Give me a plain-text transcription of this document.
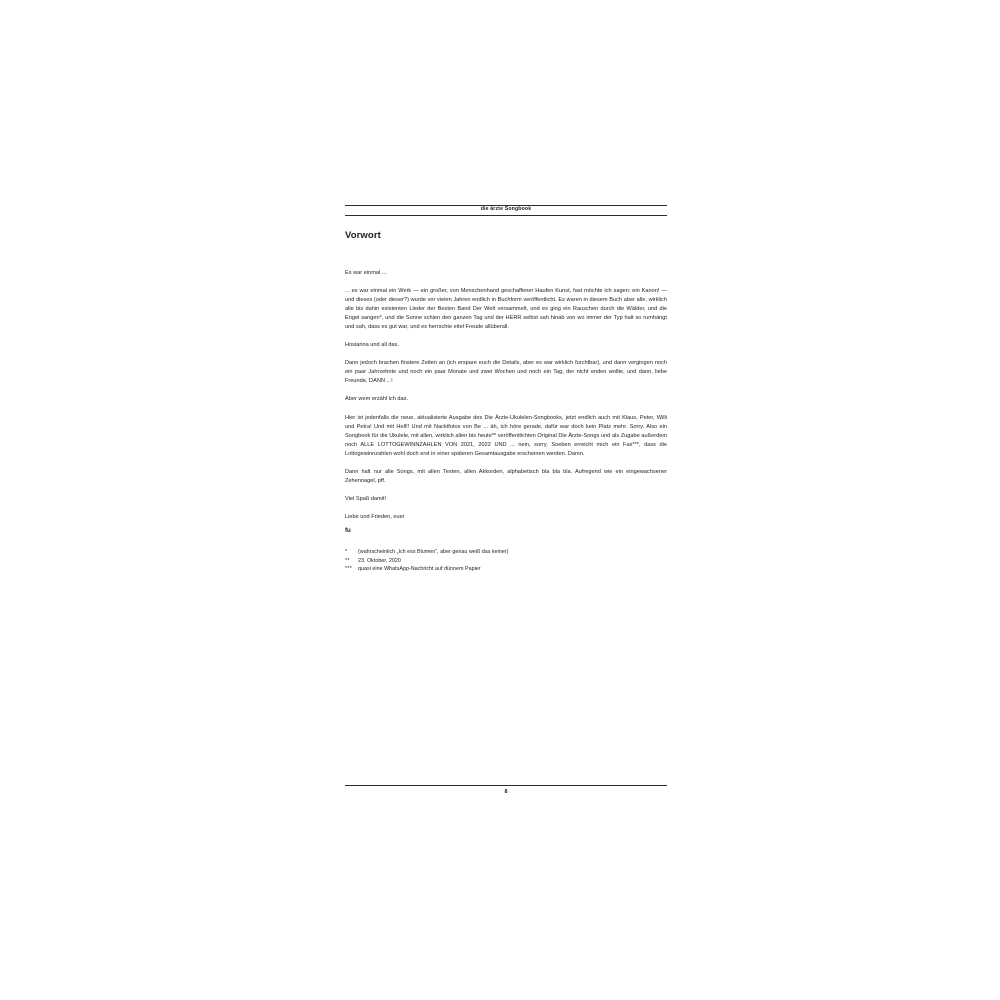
die ärzte Songbook
Vorwort

Es war einmal ...

... es war einmal ein Werk — ein großer, von Menschenhand geschaffener Haufen Kunst, fast möchte ich sagen: ein Kanon! — und dieses (oder dieser?) wurde vor vielen Jahren endlich in Buchform veröffentlicht. Es waren in diesem Buch aber alle, wirklich alle bis dahin existenten Lieder der Besten Band Der Welt versammelt, und es ging ein Rauschen durch die Wälder, und die Engel sangen*, und die Sonne schien den ganzen Tag und der HERR selbst sah hinab von wo immer der Typ halt so rumhängt und sah, dass es gut war, und es herrschte eitel Freude allüberall.

Hosianna und all das.

Dann jedoch brachen finstere Zeiten an (ich erspare euch die Details, aber es war wirklich furchtbar), und dann vergingen noch ein paar Jahrzehnte und noch ein paar Monate und zwei Wochen und noch ein Tag, der nicht enden wollte, und dann, liebe Freunde, DANN ...!

Aber wem erzähl ich das.

Hier ist jedenfalls die neue, aktualisierte Ausgabe des Die Ärzte-Ukulelen-Songbooks, jetzt endlich auch mit Klaus, Peter, Willi und Petra! Und mit Hell!! Und mit Nacktfotos von Be ... äh, ich höre gerade, dafür war doch kein Platz mehr. Sorry. Also ein Songbook für die Ukulele, mit allen, wirklich allen bis heute** veröffentlichten Original Die Ärzte-Songs und als Zugabe außerdem noch ALLE LOTTOGEWINNZAHLEN VON 2021, 2022 UND ... nein, sorry. Soeben erreicht mich ein Fax***, dass die Lottogewinnzahlen wohl doch erst in einer späteren Gesamtausgabe erscheinen werden. Damn.

Dann halt nur alle Songs, mit allen Texten, allen Akkorden, alphabetisch bla bla bla. Aufregend wie ein eingewachsener Zehennagel, pff.

Viel Spaß damit!

Liebe und Frieden, euer

fu
*	(wahrscheinlich „Ich ess Blumen“, aber genau weiß das keiner)
**	23. Oktober, 2020
***	quasi eine WhatsApp-Nachricht auf dünnem Papier
8
